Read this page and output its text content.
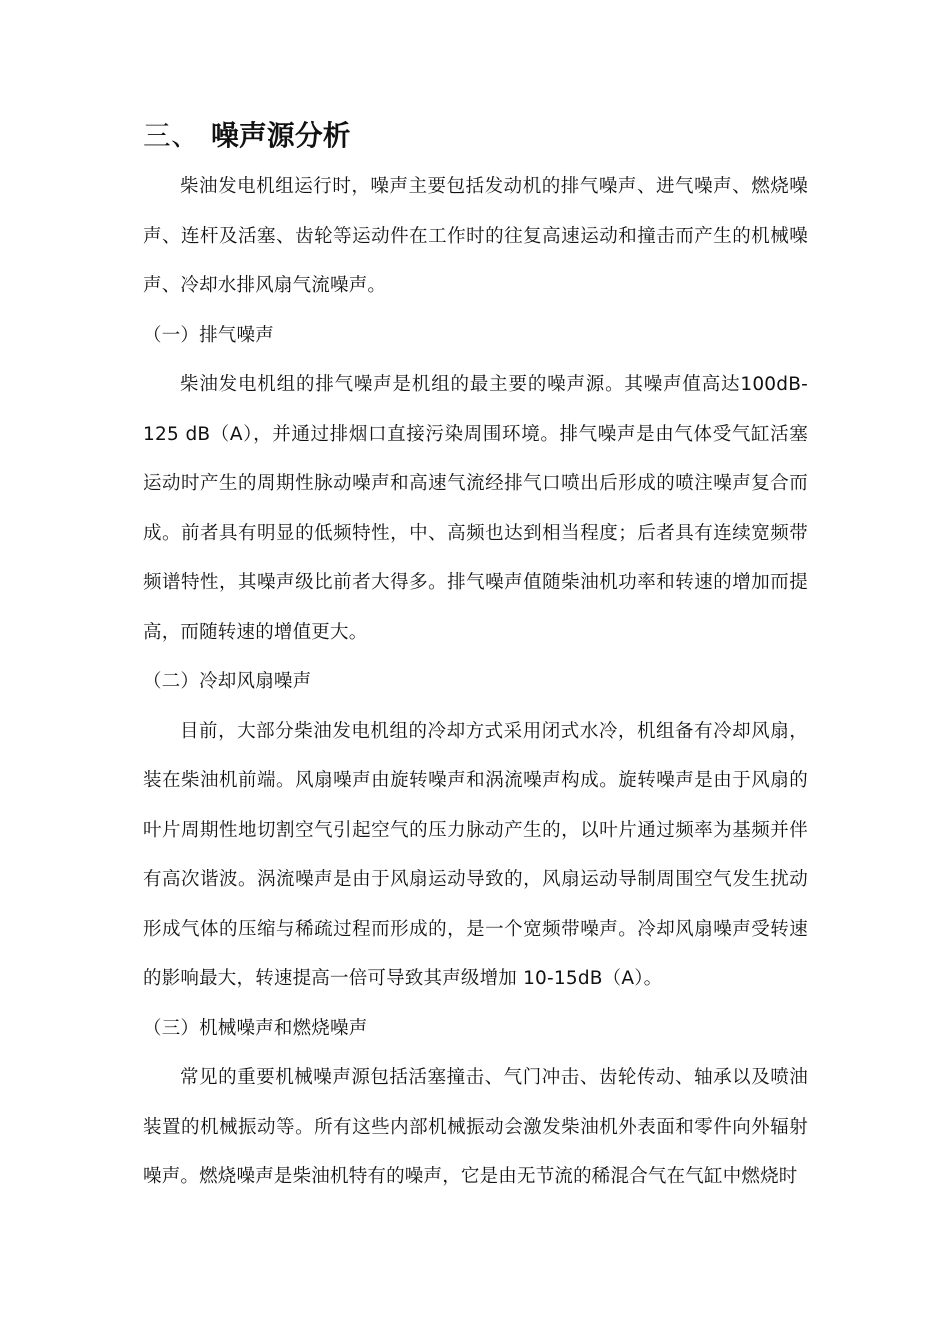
三、 噪声源分析

柴油发电机组运行时，噪声主要包括发动机的排气噪声、进气噪声、燃烧噪声、连杆及活塞、齿轮等运动件在工作时的往复高速运动和撞击而产生的机械噪声、冷却水排风扇气流噪声。

（一）排气噪声

柴油发电机组的排气噪声是机组的最主要的噪声源。其噪声值高达100dB-125 dB（A），并通过排烟口直接污染周围环境。排气噪声是由气体受气缸活塞运动时产生的周期性脉动噪声和高速气流经排气口喷出后形成的喷注噪声复合而成。前者具有明显的低频特性，中、高频也达到相当程度；后者具有连续宽频带频谱特性，其噪声级比前者大得多。排气噪声值随柴油机功率和转速的增加而提高，而随转速的增值更大。

（二）冷却风扇噪声

目前，大部分柴油发电机组的冷却方式采用闭式水冷，机组备有冷却风扇，装在柴油机前端。风扇噪声由旋转噪声和涡流噪声构成。旋转噪声是由于风扇的叶片周期性地切割空气引起空气的压力脉动产生的，以叶片通过频率为基频并伴有高次谐波。涡流噪声是由于风扇运动导致的，风扇运动导制周围空气发生扰动形成气体的压缩与稀疏过程而形成的，是一个宽频带噪声。冷却风扇噪声受转速的影响最大，转速提高一倍可导致其声级增加 10-15dB（A）。

（三）机械噪声和燃烧噪声

常见的重要机械噪声源包括活塞撞击、气门冲击、齿轮传动、轴承以及喷油装置的机械振动等。所有这些内部机械振动会激发柴油机外表面和零件向外辐射噪声。燃烧噪声是柴油机特有的噪声，它是由无节流的稀混合气在气缸中燃烧时
